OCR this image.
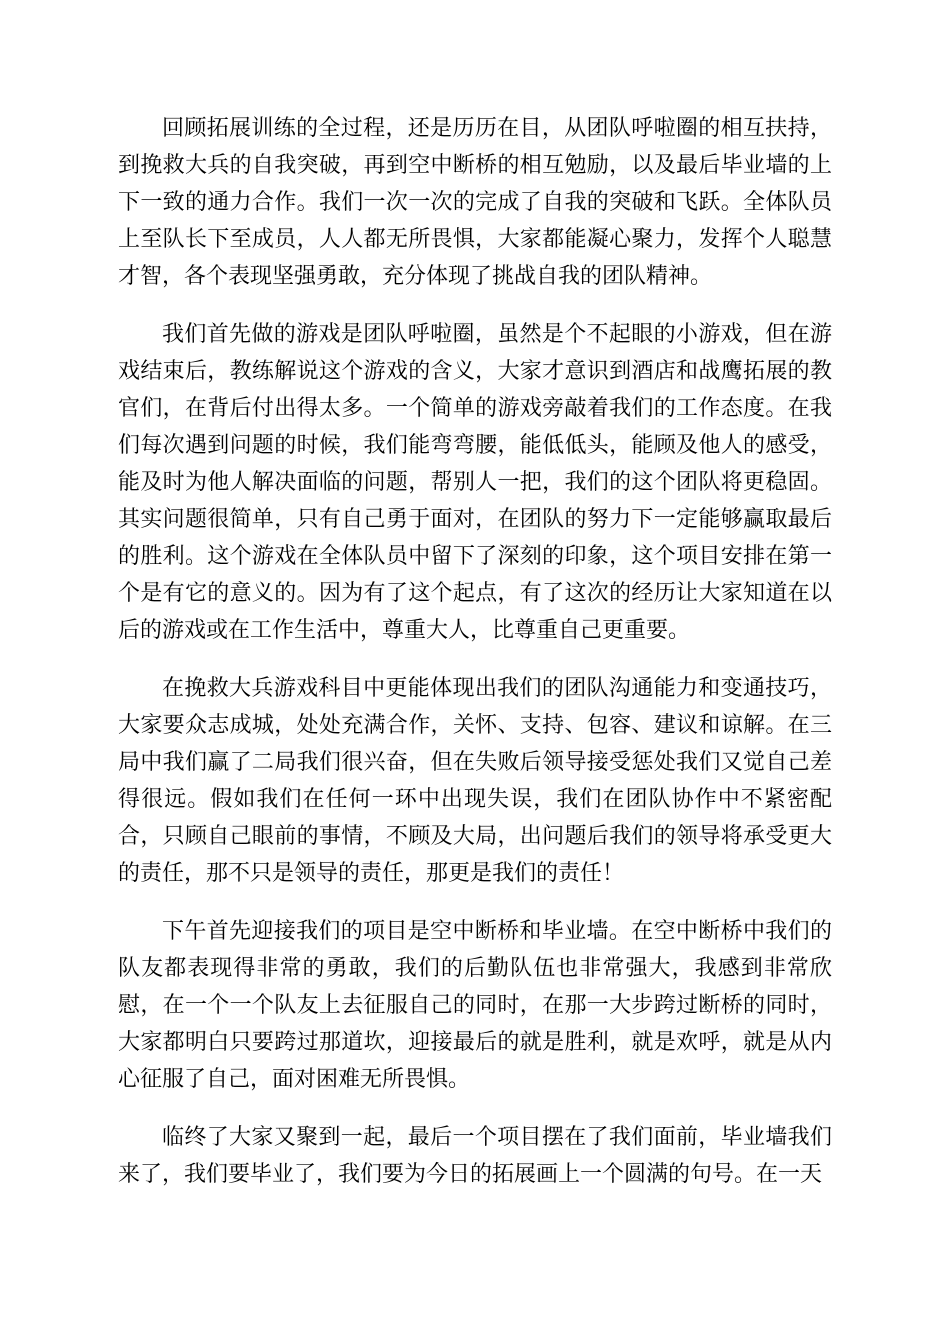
回顾拓展训练的全过程，还是历历在目，从团队呼啦圈的相互扶持，到挽救大兵的自我突破，再到空中断桥的相互勉励，以及最后毕业墙的上下一致的通力合作。我们一次一次的完成了自我的突破和飞跃。全体队员上至队长下至成员，人人都无所畏惧，大家都能凝心聚力，发挥个人聪慧才智，各个表现坚强勇敢，充分体现了挑战自我的团队精神。

我们首先做的游戏是团队呼啦圈，虽然是个不起眼的小游戏，但在游戏结束后，教练解说这个游戏的含义，大家才意识到酒店和战鹰拓展的教官们，在背后付出得太多。一个简单的游戏旁敲着我们的工作态度。在我们每次遇到问题的时候，我们能弯弯腰，能低低头，能顾及他人的感受，能及时为他人解决面临的问题，帮别人一把，我们的这个团队将更稳固。其实问题很简单，只有自己勇于面对，在团队的努力下一定能够赢取最后的胜利。这个游戏在全体队员中留下了深刻的印象，这个项目安排在第一个是有它的意义的。因为有了这个起点，有了这次的经历让大家知道在以后的游戏或在工作生活中，尊重大人，比尊重自己更重要。

在挽救大兵游戏科目中更能体现出我们的团队沟通能力和变通技巧，大家要众志成城，处处充满合作，关怀、支持、包容、建议和谅解。在三局中我们赢了二局我们很兴奋，但在失败后领导接受惩处我们又觉自己差得很远。假如我们在任何一环中出现失误，我们在团队协作中不紧密配合，只顾自己眼前的事情，不顾及大局，出问题后我们的领导将承受更大的责任，那不只是领导的责任，那更是我们的责任！

下午首先迎接我们的项目是空中断桥和毕业墙。在空中断桥中我们的队友都表现得非常的勇敢，我们的后勤队伍也非常强大，我感到非常欣慰，在一个一个队友上去征服自己的同时，在那一大步跨过断桥的同时，大家都明白只要跨过那道坎，迎接最后的就是胜利，就是欢呼，就是从内心征服了自己，面对困难无所畏惧。

临终了大家又聚到一起，最后一个项目摆在了我们面前，毕业墙我们来了，我们要毕业了，我们要为今日的拓展画上一个圆满的句号。在一天
